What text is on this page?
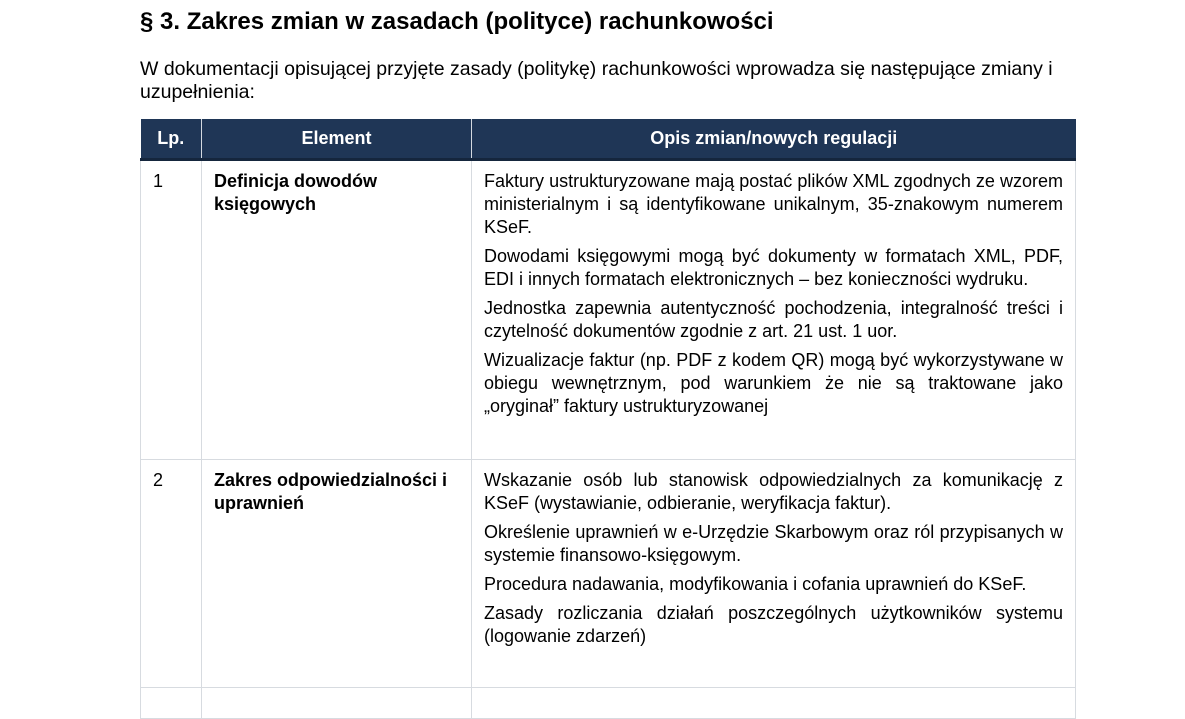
§ 3. Zakres zmian w zasadach (polityce) rachunkowości

W dokumentacji opisującej przyjęte zasady (politykę) rachunkowości wprowadza się następujące zmiany i uzupełnienia:

Lp.	Element	Opis zmian/nowych regulacji
1	Definicja dowodów księgowych	Faktury ustrukturyzowane mają postać plików XML zgodnych ze wzorem ministerialnym i są identyfikowane unikalnym, 35-znakowym numerem KSeF.

Dowodami księgowymi mogą być dokumenty w formatach XML, PDF, EDI i innych formatach elektronicznych – bez konieczności wydruku.

Jednostka zapewnia autentyczność pochodzenia, integralność treści i czytelność dokumentów zgodnie z art. 21 ust. 1 uor.

Wizualizacje faktur (np. PDF z kodem QR) mogą być wykorzystywane w obiegu wewnętrznym, pod warunkiem że nie są traktowane jako „oryginał” faktury ustrukturyzowanej

2	Zakres odpowiedzialności i uprawnień	Wskazanie osób lub stanowisk odpowiedzialnych za komunikację z KSeF (wystawianie, odbieranie, weryfikacja faktur).

Określenie uprawnień w e-Urzędzie Skarbowym oraz ról przypisanych w systemie finansowo-księgowym.

Procedura nadawania, modyfikowania i cofania uprawnień do KSeF.

Zasady rozliczania działań poszczególnych użytkowników systemu (logowanie zdarzeń)
